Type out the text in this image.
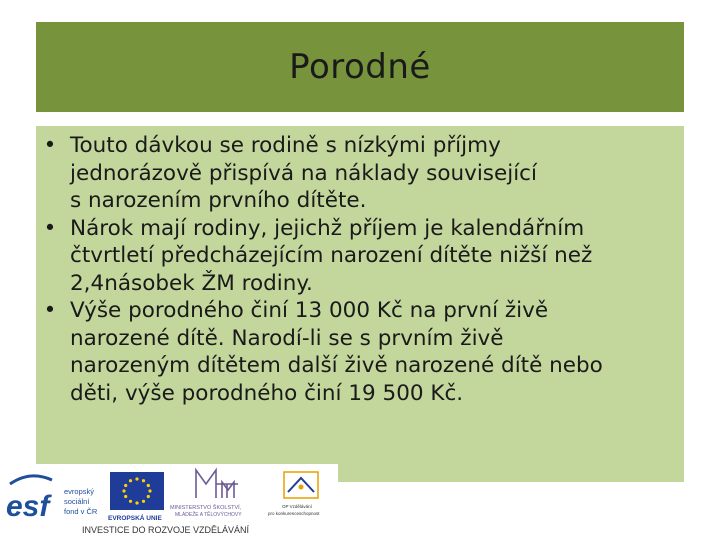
Porodné
• Touto dávkou se rodině s nízkými příjmy
jednorázově přispívá na náklady související
s narozením prvního dítěte.
• Nárok mají rodiny, jejichž příjem je kalendářním
čtvrtletí předcházejícím narození dítěte nižší než
2,4násobek ŽM rodiny.
• Výše porodného činí 13 000 Kč na první živě
narozené dítě. Narodí-li se s prvním živě
narozeným dítětem další živě narozené dítě nebo
děti, výše porodného činí 19 500 Kč.
esf	evropský
sociální
fond v ČR
EVROPSKÁ UNIE
MINISTERSTVO ŠKOLSTVÍ,
MLÁDEŽE A TĚLOVÝCHOVY
OP Vzdělávání
pro konkurenceschopnost
INVESTICE DO ROZVOJE VZDĚLÁVÁNÍ
